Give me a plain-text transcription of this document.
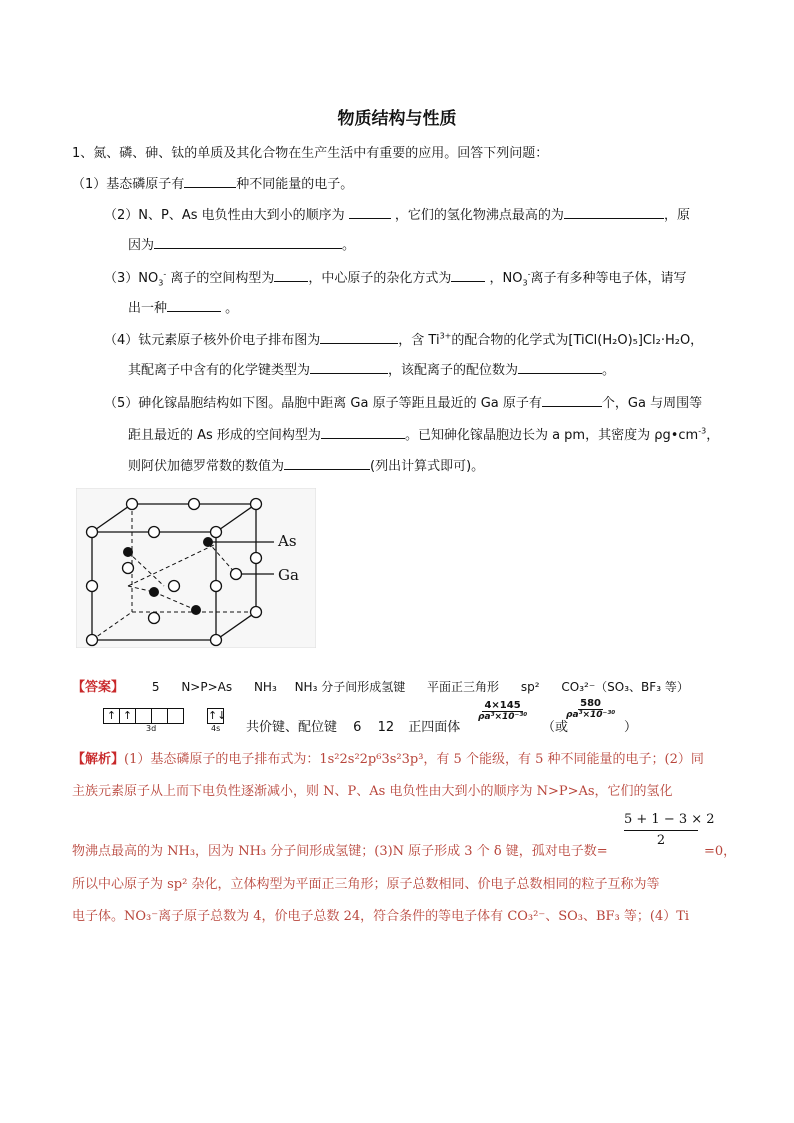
物质结构与性质
1、氮、磷、砷、钛的单质及其化合物在生产生活中有重要的应用。回答下列问题：
（1）基态磷原子有	种不同能量的电子。
（2）N、P、As 电负性由大到小的顺序为	，它们的氢化物沸点最高的为	，原
因为	。
$(3)NO_3^-$ 离子的空间构型为	，中心原子的杂化方式为	，$NO_3^-$离子有多种等电子体，请写
出一种	。
（4）钛元素原子核外价电子排布图为	，含 $Ti^{3+}$的配合物的化学式为[TiCl(H₂O)₅]Cl₂·H₂O，
其配离子中含有的化学键类型为	，该配离子的配位数为	。
（5）砷化镓晶胞结构如下图。晶胞中距离 Ga 原子等距且最近的 Ga 原子有	个，Ga 与周围等
距且最近的 As 形成的空间构型为	。已知砷化镓晶胞边长为 a pm，其密度为 $\rho g•cm^{-3}$，
则阿伏加德罗常数的数值为	(列出计算式即可)。
As
Ga
【答案】 5 N>P>As NH₃ NH₃ 分子间形成氢键 平面正三角形 sp² CO₃²⁻（SO₃、BF₃ 等）
↑ ↑
3d
↑↓
4s 共价键、配位键 6 12 正四面体
$\frac{4\times 145}{\text{ρa³×10⁻³⁰}}$
（或
$\frac{580}{\text{ρa³×10⁻³⁰}}$
）
【解析】(1）基态磷原子的电子排布式为：1s²2s²2p⁶3s²3p³，有 5 个能级，有 5 种不同能量的电子；(2）同
主族元素原子从上而下电负性逐渐减小，则 N、P、As 电负性由大到小的顺序为 N>P>As，它们的氢化
$\frac{5 + 1 - 3 \times 2}{2}$
物沸点最高的为 NH₃，因为 NH₃ 分子间形成氢键；(3)N 原子形成 3 个 δ 键，孤对电子数=	=0，
所以中心原子为 sp² 杂化，立体构型为平面正三角形；原子总数相同、价电子总数相同的粒子互称为等
电子体。NO₃⁻离子原子总数为 4，价电子总数 24，符合条件的等电子体有 CO₃²⁻、SO₃、BF₃ 等；(4）Ti
